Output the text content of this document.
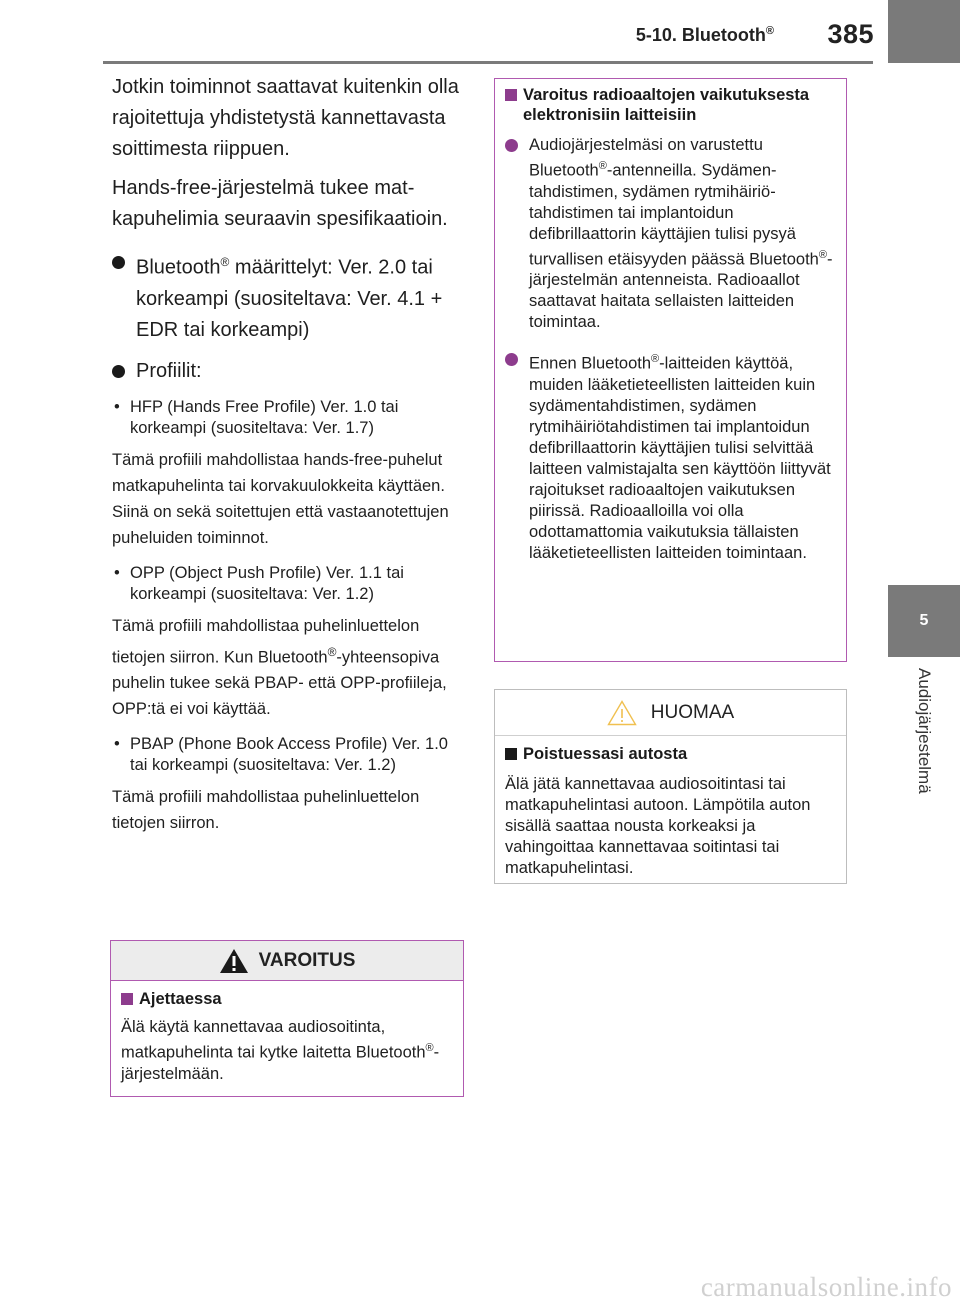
5-10. Bluetooth® 385
5
Audiojärjestelmä

Jotkin toiminnot saattavat kuitenkin olla rajoitettuja yhdistetystä kannettavasta soittimesta riippuen.

Hands-free-järjestelmä tukee matkapuhelimia seuraavin spesifikaatioin.

Bluetooth® määrittelyt: Ver. 2.0 tai korkeampi (suositeltava: Ver. 4.1 + EDR tai korkeampi)
Profiilit:
• HFP (Hands Free Profile) Ver. 1.0 tai korkeampi (suositeltava: Ver. 1.7)

Tämä profiili mahdollistaa hands-free-puhelut matkapuhelinta tai korvakuulokkeita käyttäen. Siinä on sekä soitettujen että vastaanotettujen puheluiden toiminnot.

• OPP (Object Push Profile) Ver. 1.1 tai korkeampi (suositeltava: Ver. 1.2)

Tämä profiili mahdollistaa puhelinluettelon tietojen siirron. Kun Bluetooth®-yhteensopiva puhelin tukee sekä PBAP- että OPP-profiileja, OPP:tä ei voi käyttää.

• PBAP (Phone Book Access Profile) Ver. 1.0 tai korkeampi (suositeltava: Ver. 1.2)

Tämä profiili mahdollistaa puhelinluettelon tietojen siirron.

VAROITUS
Ajettaessa

Älä käytä kannettavaa audiosoitinta, matkapuhelinta tai kytke laitetta Bluetooth®-järjestelmään.

Varoitus radioaaltojen vaikutuksesta elektronisiin laitteisiin
Audiojärjestelmäsi on varustettu Bluetooth®-antenneilla. Sydämentahdistimen, sydämen rytmihäiriötahdistimen tai implantoidun defibrillaattorin käyttäjien tulisi pysyä turvallisen etäisyyden päässä Bluetooth®-järjestelmän antenneista. Radioaallot saattavat haitata sellaisten laitteiden toimintaa.
Ennen Bluetooth®-laitteiden käyttöä, muiden lääketieteellisten laitteiden kuin sydämentahdistimen, sydämen rytmihäiriötahdistimen tai implantoidun defibrillaattorin käyttäjien tulisi selvittää laitteen valmistajalta sen käyttöön liittyvät rajoitukset radioaaltojen vaikutuksen piirissä. Radioaalloilla voi olla odottamattomia vaikutuksia tällaisten lääketieteellisten laitteiden toimintaan.
HUOMAA
Poistuessasi autosta

Älä jätä kannettavaa audiosoitintasi tai matkapuhelintasi autoon. Lämpötila auton sisällä saattaa nousta korkeaksi ja vahingoittaa kannettavaa soitintasi tai matkapuhelintasi.

carmanualsonline.info
